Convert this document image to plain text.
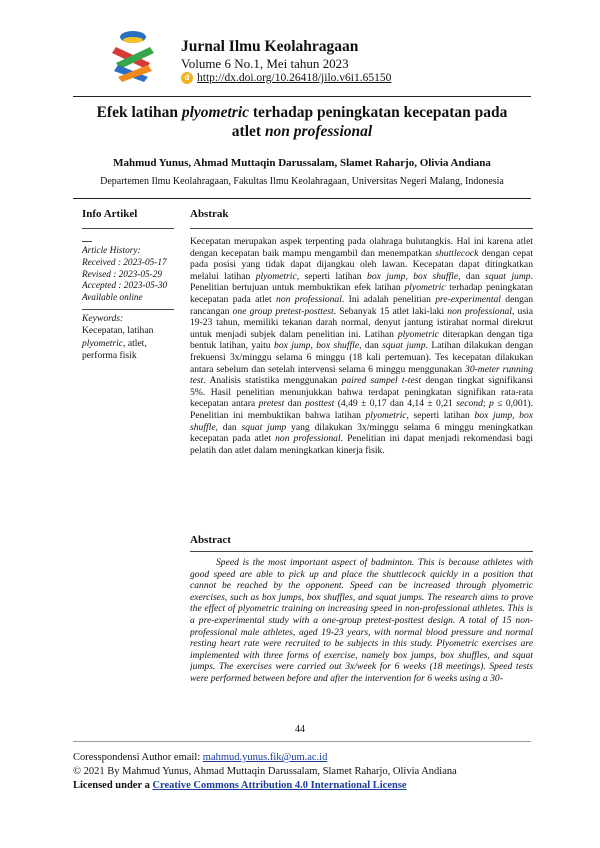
Jurnal Ilmu Keolahragaan
Volume 6 No.1, Mei tahun 2023
d http://dx.doi.org/10.26418/jilo.v6i1.65150
Efek latihan plyometric terhadap peningkatan kecepatan pada
atlet non professional
Mahmud Yunus, Ahmad Muttaqin Darussalam, Slamet Raharjo, Olivia Andiana
Departemen Ilmu Keolahragaan, Fakultas Ilmu Keolahragaan, Universitas Negeri Malang, Indonesia
Info Artikel
Article History:
Received : 2023-05-17
Revised : 2023-05-29
Accepted : 2023-05-30
Available online
Keywords:
Kecepatan, latihan
plyometric, atlet,
performa fisik
Abstrak
Kecepatan merupakan aspek terpenting pada olahraga bulutangkis. Hal ini karena atlet dengan kecepatan baik mampu mengambil dan menempatkan shuttlecock dengan cepat pada posisi yang tidak dapat dijangkau oleh lawan. Kecepatan dapat ditingkatkan melalui latihan plyometric, seperti latihan box jump, box shuffle, dan squat jump. Penelitian bertujuan untuk membuktikan efek latihan plyometric terhadap peningkatan kecepatan pada atlet non professional. Ini adalah penelitian pre-experimental dengan rancangan one group pretest-posttest. Sebanyak 15 atlet laki-laki non professional, usia 19-23 tahun, memiliki tekanan darah normal, denyut jantung istirahat normal direkrut untuk menjadi subjek dalam penelitian ini. Latihan plyometric diterapkan dengan tiga bentuk latihan, yaitu box jump, box shuffle, dan squat jump. Latihan dilakukan dengan frekuensi 3x/minggu selama 6 minggu (18 kali pertemuan). Tes kecepatan dilakukan antara sebelum dan setelah intervensi selama 6 minggu menggunakan 30-meter running test. Analisis statistika menggunakan paired sampel t-test dengan tingkat signifikansi 5%. Hasil penelitian menunjukkan bahwa terdapat peningkatan signifikan rata-rata kecepatan antara pretest dan posttest (4,49 ± 0,17 dan 4,14 ± 0,21 second; p ≤ 0,001). Penelitian ini membuktikan bahwa latihan plyometric, seperti latihan box jump, box shuffle, dan squat jump yang dilakukan 3x/minggu selama 6 minggu meningkatkan kecepatan pada atlet non professional. Penelitian ini dapat menjadi rekomendasi bagi pelatih dan atlet dalam meningkatkan kinerja fisik.
Abstract
Speed is the most important aspect of badminton. This is because athletes with good speed are able to pick up and place the shuttlecock quickly in a position that cannot be reached by the opponent. Speed can be increased through plyometric exercises, such as box jumps, box shuffles, and squat jumps. The research aims to prove the effect of plyometric training on increasing speed in non-professional athletes. This is a pre-experimental study with a one-group pretest-posttest design. A total of 15 non-professional male athletes, aged 19-23 years, with normal blood pressure and normal resting heart rate were recruited to be subjects in this study. Plyometric exercises are implemented with three forms of exercise, namely box jumps, box shuffles, and squat jumps. The exercises were carried out 3x/week for 6 weeks (18 meetings). Speed tests were performed between before and after the intervention for 6 weeks using a 30-
44
Coresspondensi Author email: mahmud.yunus.fik@um.ac.id
© 2021 By Mahmud Yunus, Ahmad Muttaqin Darussalam, Slamet Raharjo, Olivia Andiana
Licensed under a Creative Commons Attribution 4.0 International License
